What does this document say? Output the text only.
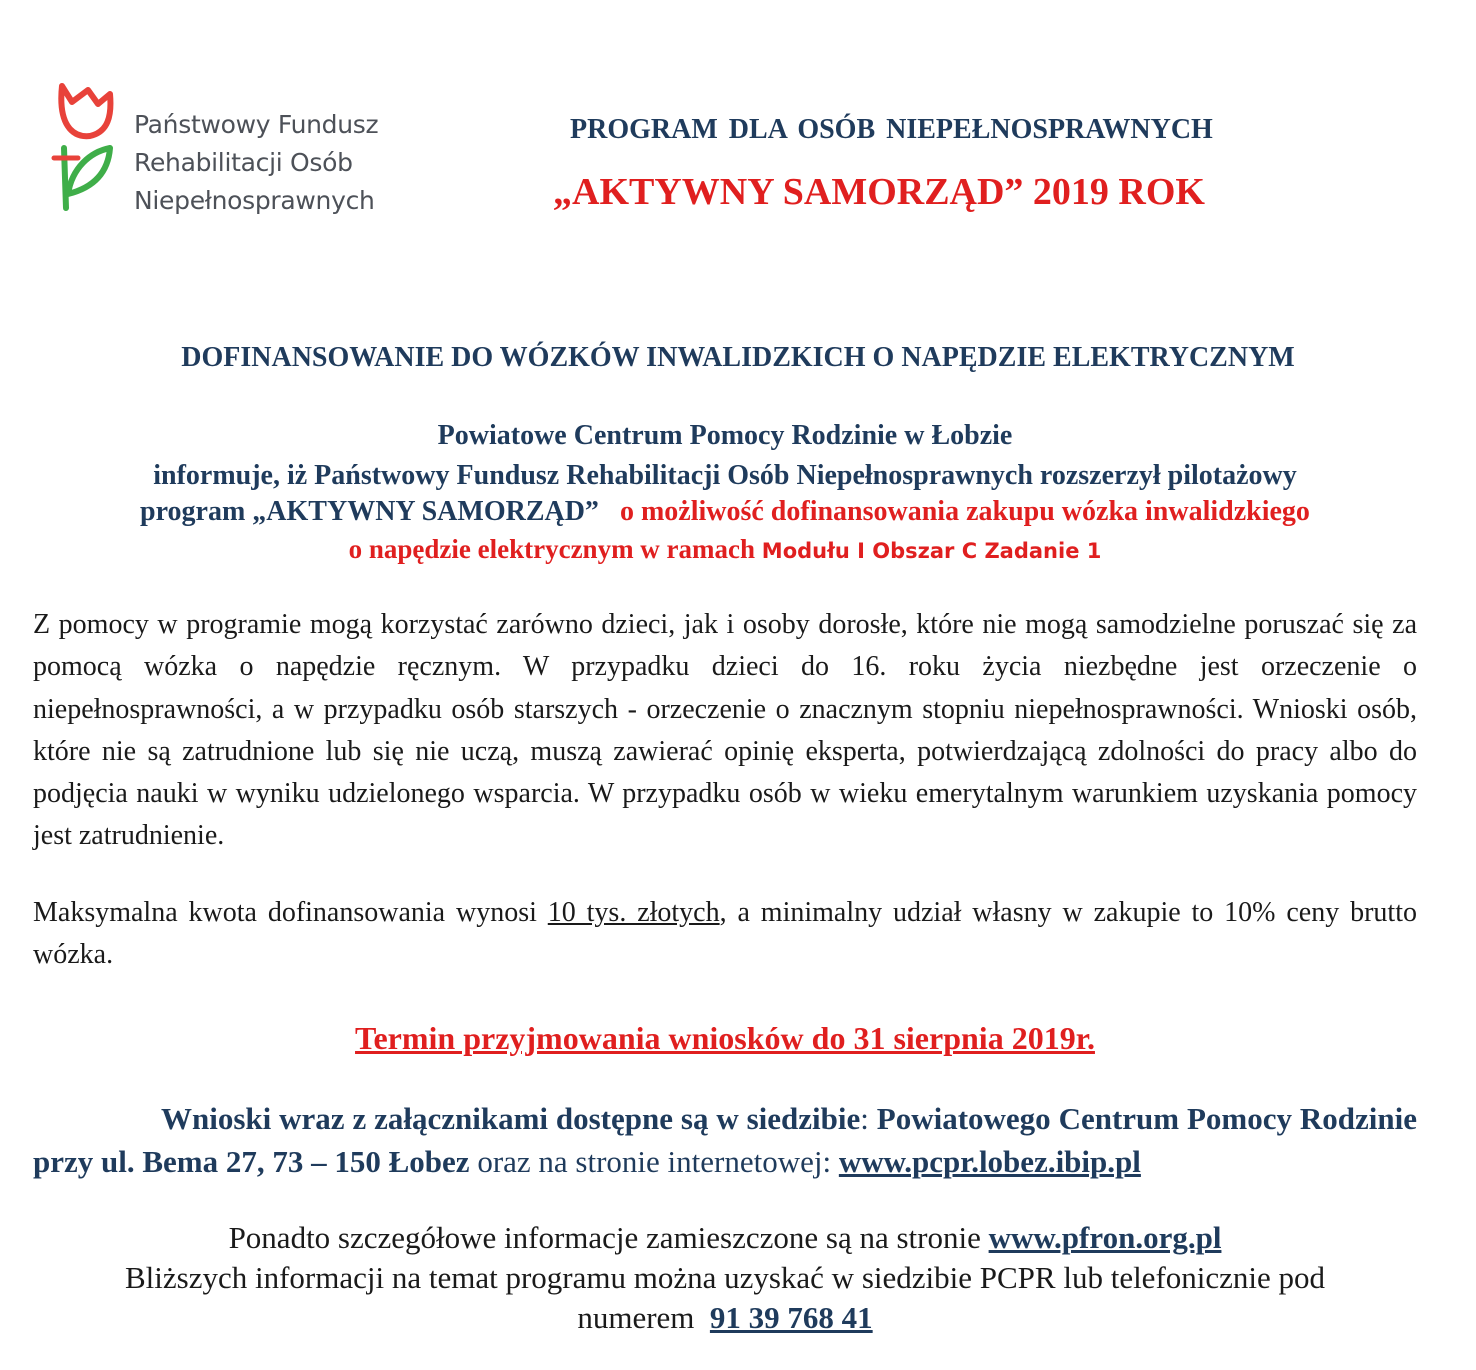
Państwowy Fundusz
Rehabilitacji Osób
Niepełnosprawnych
PROGRAM DLA OSÓB NIEPEŁNOSPRAWNYCH
„AKTYWNY SAMORZĄD” 2019 ROK
DOFINANSOWANIE DO WÓZKÓW INWALIDZKICH O NAPĘDZIE ELEKTRYCZNYM
Powiatowe Centrum Pomocy Rodzinie w Łobzie
informuje, iż Państwowy Fundusz Rehabilitacji Osób Niepełnosprawnych rozszerzył pilotażowy
program „AKTYWNY SAMORZĄD” o możliwość dofinansowania zakupu wózka inwalidzkiego
o napędzie elektrycznym w ramach Modułu I Obszar C Zadanie 1
Z pomocy w programie mogą korzystać zarówno dzieci, jak i osoby dorosłe, które nie mogą samodzielne poruszać się za pomocą wózka o napędzie ręcznym. W przypadku dzieci do 16. roku życia niezbędne jest orzeczenie o niepełnosprawności, a w przypadku osób starszych - orzeczenie o znacznym stopniu niepełnosprawności. Wnioski osób, które nie są zatrudnione lub się nie uczą, muszą zawierać opinię eksperta, potwierdzającą zdolności do pracy albo do podjęcia nauki w wyniku udzielonego wsparcia. W przypadku osób w wieku emerytalnym warunkiem uzyskania pomocy jest zatrudnienie.
Maksymalna kwota dofinansowania wynosi 10 tys. złotych, a minimalny udział własny w zakupie to 10% ceny brutto wózka.
Termin przyjmowania wniosków do 31 sierpnia 2019r.
Wnioski wraz z załącznikami dostępne są w siedzibie: Powiatowego Centrum Pomocy Rodzinie przy ul. Bema 27, 73 – 150 Łobez oraz na stronie internetowej: www.pcpr.lobez.ibip.pl
Ponadto szczegółowe informacje zamieszczone są na stronie www.pfron.org.pl
Bliższych informacji na temat programu można uzyskać w siedzibie PCPR lub telefonicznie pod
numerem 91 39 768 41
